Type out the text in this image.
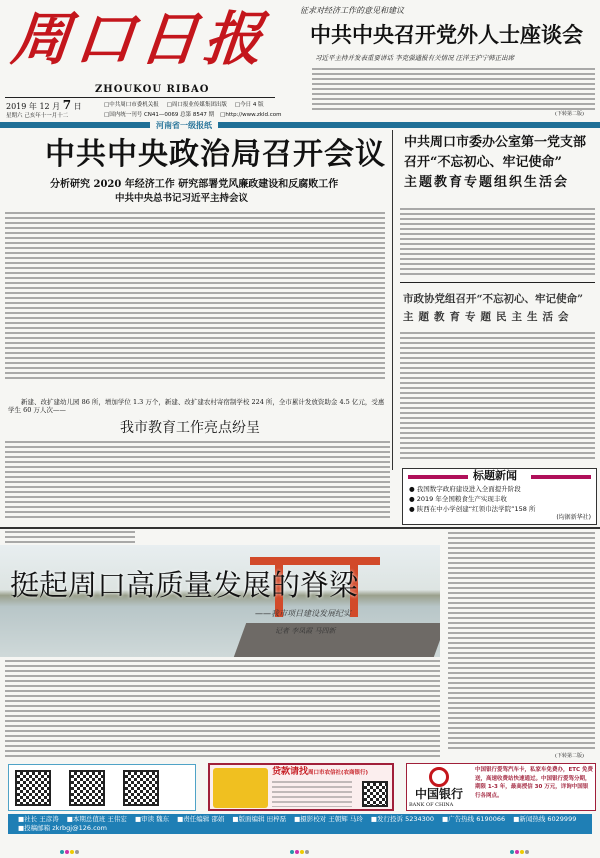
周口日报
ZHOUKOU RIBAO
2019 年 12 月 7 日
星期六 己亥年十一月十二
□中共周口市委机关报 □周口报业传媒集团出版 □今日 4 版
□国内统一刊号 CN41—0069 总第 8547 期 □http://www.zkld.com
河南省一级报纸
征求对经济工作的意见和建议
中共中央召开党外人士座谈会
习近平主持并发表重要讲话 李克强通报有关情况 汪洋王沪宁韩正出席
(下转第二版)
中共中央政治局召开会议
分析研究 2020 年经济工作 研究部署党风廉政建设和反腐败工作
中共中央总书记习近平主持会议
中共周口市委办公室第一党支部
召开“不忘初心、牢记使命”
主题教育专题组织生活会
市政协党组召开“不忘初心、牢记使命”
主题教育专题民主生活会
标题新闻
● 我国数字政府建设进入全面提升阶段
● 2019 年全国粮食生产实现丰收
● 陕西在中小学创建“红领巾法学院”158 所
(均据新华社)
新建、改扩建幼儿园 86 所，增加学位 1.3 万个，新建、改扩建农村寄宿制学校 224 所，全市累计发放资助金 4.5 亿元，受惠学生 60 万人次——
我市教育工作亮点纷呈
挺起周口高质量发展的脊梁
——我市项目建设发展纪实
记者 李凤霞 马四新
(下转第二版)
贷款请找周口市农信社(农商银行)
中国银行
BANK OF CHINA
中国银行爱驾汽车卡，私家车免费办，ETC 免费送，高速收费站快速通过。中国银行爱驾分期，期限 1-3 年，最高授信 30 万元，详询中国银行各网点。
■社长 王彦涛 ■本期总值班 王伟宏 ■审读 魏东 ■责任编辑 邵娟 ■版面编辑 田梓磊 ■摄影校对 王朝辉 马玲 ■发行投诉 5234300 ■广告热线 6190066 ■新闻热线 6029999
■投稿邮箱 zkrbgj@126.com
